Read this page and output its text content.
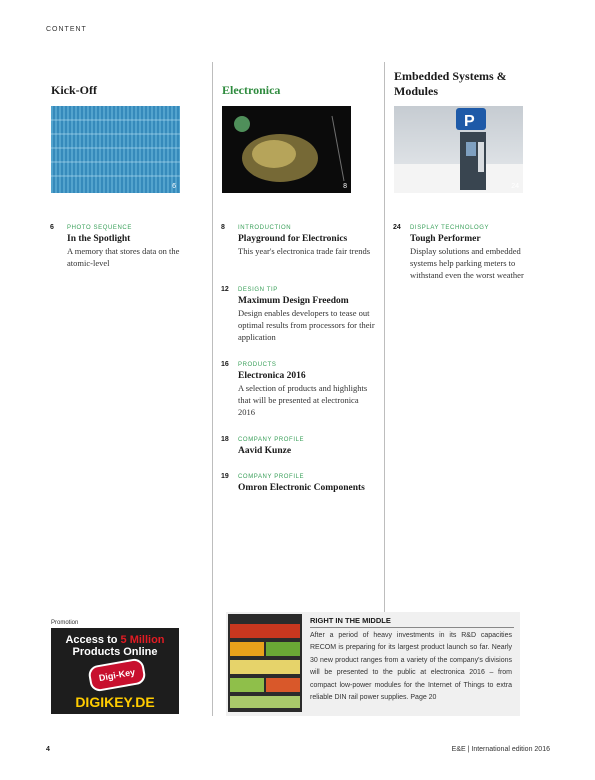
CONTENT
Kick-Off	Electronica
Embedded Systems & Modules
6	8
P
24
6 PHOTO SEQUENCE
In the Spotlight
A memory that stores data on the atomic-level
8 INTRODUCTION
Playground for Electronics
This year's electronica trade fair trends
12 DESIGN TIP
Maximum Design Freedom
Design enables developers to tease out optimal results from processors for their application
16 PRODUCTS
Electronica 2016
A selection of products and highlights that will be presented at electronica 2016
18 COMPANY PROFILE
Aavid Kunze
19 COMPANY PROFILE
Omron Electronic Components
24 DISPLAY TECHNOLOGY
Tough Performer
Display solutions and embedded systems help parking meters to withstand even the worst weather
Promotion
Access to 5 Million
Products Online
Digi-Key
DIGIKEY.DE
RIGHT IN THE MIDDLE
After a period of heavy investments in its R&D capacities RECOM is preparing for its largest product launch so far. Nearly 30 new product ranges from a variety of the company's divisions will be presented to the public at electronica 2016 – from compact low-power modules for the Internet of Things to extra reliable DIN rail power supplies. Page 20
4	E&E | International edition 2016
